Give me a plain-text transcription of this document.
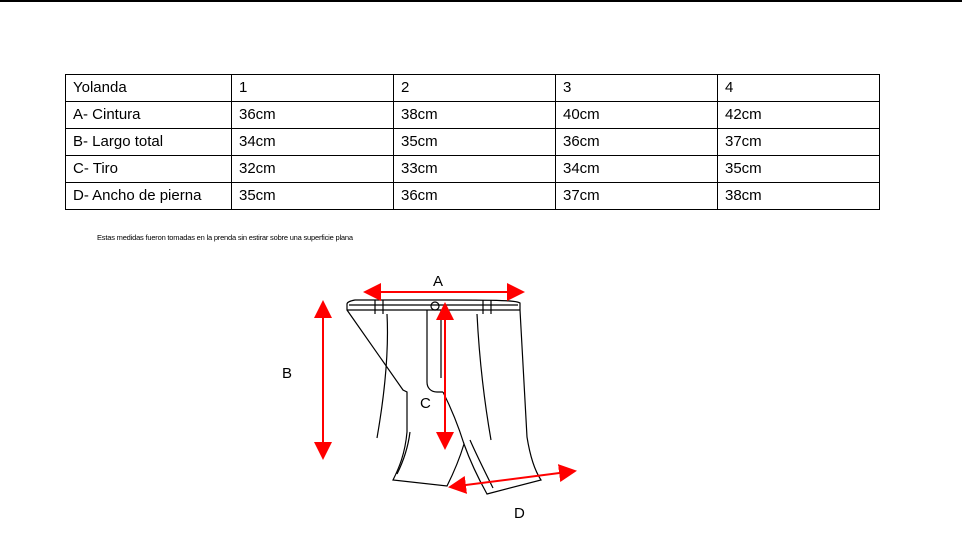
Yolanda	1	2	3	4
A- Cintura	36cm	38cm	40cm	42cm
B- Largo total	34cm	35cm	36cm	37cm
C- Tiro	32cm	33cm	34cm	35cm
D- Ancho de pierna	35cm	36cm	37cm	38cm
Estas medidas fueron tomadas en la prenda sin estirar sobre una superficie plana
A
B
C
D
